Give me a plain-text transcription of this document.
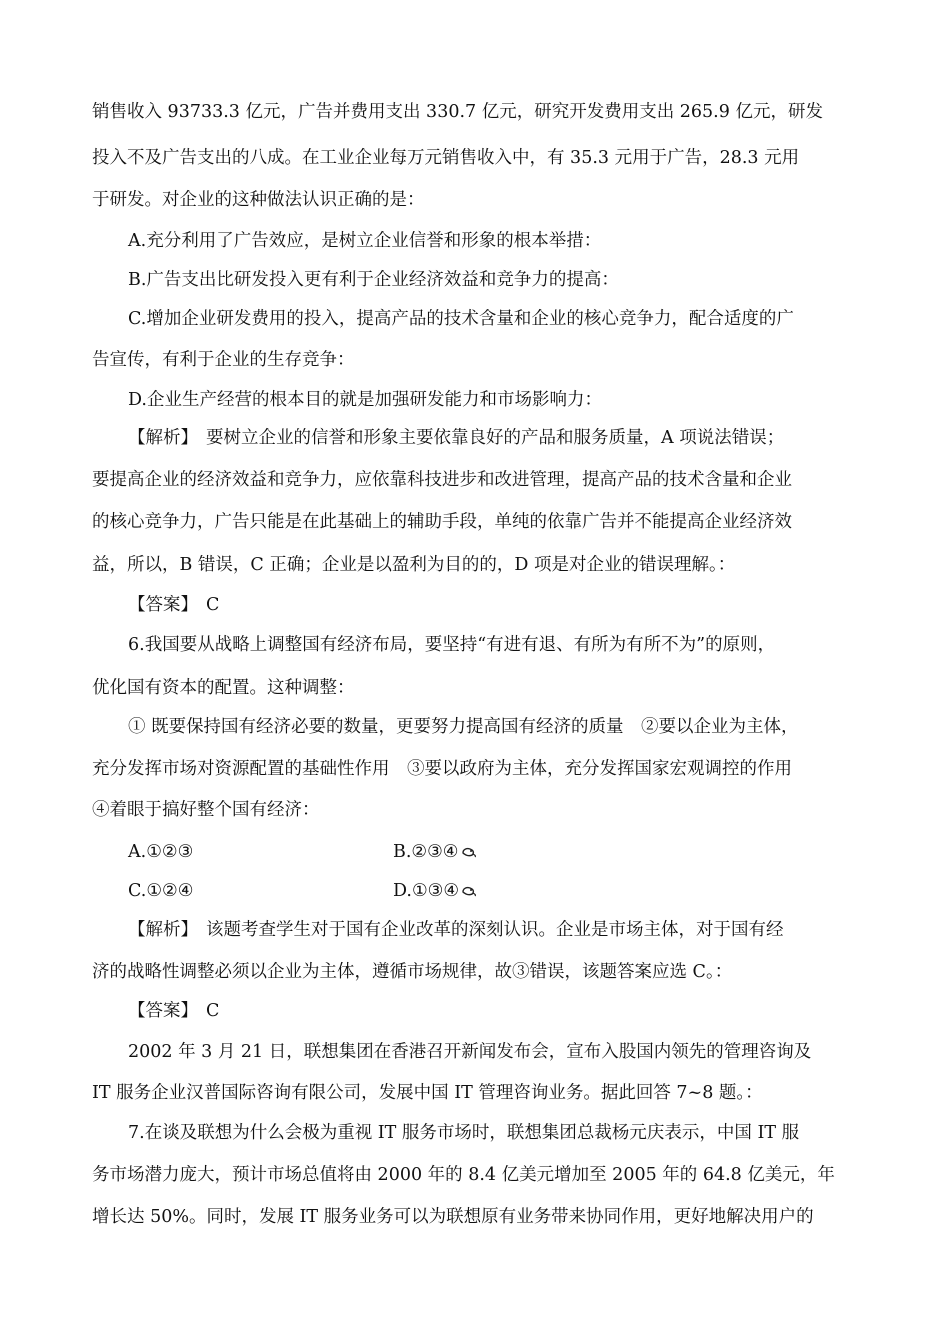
销售收入 93733.3 亿元，广告并费用支出 330.7 亿元，研究开发费用支出 265.9 亿元，研发
投入不及广告支出的八成。在工业企业每万元销售收入中，有 35.3 元用于广告，28.3 元用
于研发。对企业的这种做法认识正确的是：
A.充分利用了广告效应，是树立企业信誉和形象的根本举措：
B.广告支出比研发投入更有利于企业经济效益和竞争力的提高：
C.增加企业研发费用的投入，提高产品的技术含量和企业的核心竞争力，配合适度的广
告宣传，有利于企业的生存竞争：
D.企业生产经营的根本目的就是加强研发能力和市场影响力：
【解析】 要树立企业的信誉和形象主要依靠良好的产品和服务质量，A 项说法错误；
要提高企业的经济效益和竞争力，应依靠科技进步和改进管理，提高产品的技术含量和企业
的核心竞争力，广告只能是在此基础上的辅助手段，单纯的依靠广告并不能提高企业经济效
益，所以，B 错误，C 正确；企业是以盈利为目的的，D 项是对企业的错误理解。：
【答案】 C
6.我国要从战略上调整国有经济布局，要坚持“有进有退、有所为有所不为”的原则，
优化国有资本的配置。这种调整：
① 既要保持国有经济必要的数量，更要努力提高国有经济的质量　②要以企业为主体，
充分发挥市场对资源配置的基础性作用　③要以政府为主体，充分发挥国家宏观调控的作用
④着眼于搞好整个国有经济：
A.①②③	B.②③④
C.①②④	D.①③④
【解析】 该题考查学生对于国有企业改革的深刻认识。企业是市场主体，对于国有经
济的战略性调整必须以企业为主体，遵循市场规律，故③错误，该题答案应选 C。：
【答案】 C
2002 年 3 月 21 日，联想集团在香港召开新闻发布会，宣布入股国内领先的管理咨询及
IT 服务企业汉普国际咨询有限公司，发展中国 IT 管理咨询业务。据此回答 7~8 题。：
7.在谈及联想为什么会极为重视 IT 服务市场时，联想集团总裁杨元庆表示，中国 IT 服
务市场潜力庞大，预计市场总值将由 2000 年的 8.4 亿美元增加至 2005 年的 64.8 亿美元，年
增长达 50%。同时，发展 IT 服务业务可以为联想原有业务带来协同作用，更好地解决用户的
